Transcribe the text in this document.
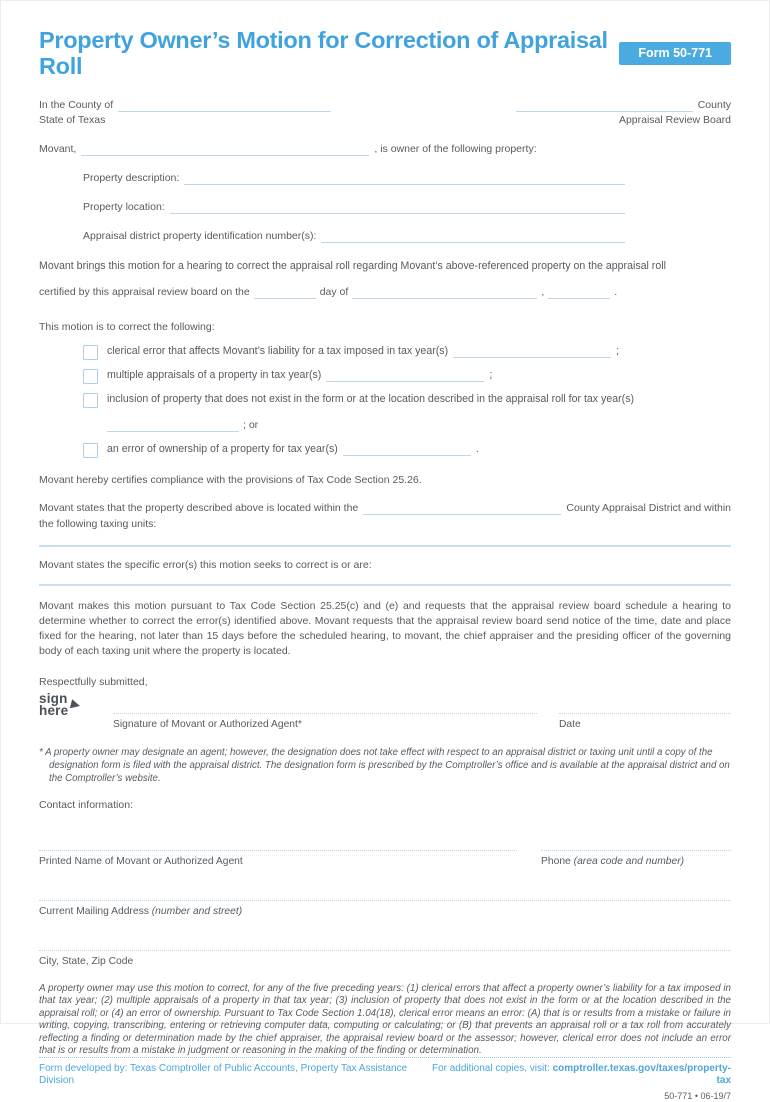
Property Owner’s Motion for Correction of Appraisal Roll
Form 50-771
In the County of	County
State of Texas	Appraisal Review Board
Movant,	, is owner of the following property:
Property description:
Property location:
Appraisal district property identification number(s):
Movant brings this motion for a hearing to correct the appraisal roll regarding Movant’s above-referenced property on the appraisal roll
certified by this appraisal review board on the	day of	,	.
This motion is to correct the following:
clerical error that affects Movant’s liability for a tax imposed in tax year(s)	;
multiple appraisals of a property in tax year(s)	;
inclusion of property that does not exist in the form or at the location described in the appraisal roll for tax year(s)
; or
an error of ownership of a property for tax year(s)	.
Movant hereby certifies compliance with the provisions of Tax Code Section 25.26.
Movant states that the property described above is located within the	County Appraisal District and within
the following taxing units:
Movant states the specific error(s) this motion seeks to correct is or are:
Movant makes this motion pursuant to Tax Code Section 25.25(c) and (e) and requests that the appraisal review board schedule a hearing to determine whether to correct the error(s) identified above. Movant requests that the appraisal review board send notice of the time, date and place fixed for the hearing, not later than 15 days before the scheduled hearing, to movant, the chief appraiser and the presiding officer of the governing body of each taxing unit where the property is located.
Respectfully submitted,
sign
here ▶
Signature of Movant or Authorized Agent*	Date
* A property owner may designate an agent; however, the designation does not take effect with respect to an appraisal district or taxing unit until a copy of the designation form is filed with the appraisal district. The designation form is prescribed by the Comptroller’s office and is available at the appraisal district and on the Comptroller’s website.
Contact information:
Printed Name of Movant or Authorized Agent	Phone (area code and number)
Current Mailing Address (number and street)
City, State, Zip Code
A property owner may use this motion to correct, for any of the five preceding years: (1) clerical errors that affect a property owner’s liability for a tax imposed in that tax year; (2) multiple appraisals of a property in that tax year; (3) inclusion of property that does not exist in the form or at the location described in the appraisal roll; or (4) an error of ownership. Pursuant to Tax Code Section 1.04(18), clerical error means an error: (A) that is or results from a mistake or failure in writing, copying, transcribing, entering or retrieving computer data, computing or calculating; or (B) that prevents an appraisal roll or a tax roll from accurately reflecting a finding or determination made by the chief appraiser, the appraisal review board or the assessor; however, clerical error does not include an error that is or results from a mistake in judgment or reasoning in the making of the finding or determination.
Form developed by: Texas Comptroller of Public Accounts, Property Tax Assistance Division
For additional copies, visit: comptroller.texas.gov/taxes/property-tax
50-771 • 06-19/7
